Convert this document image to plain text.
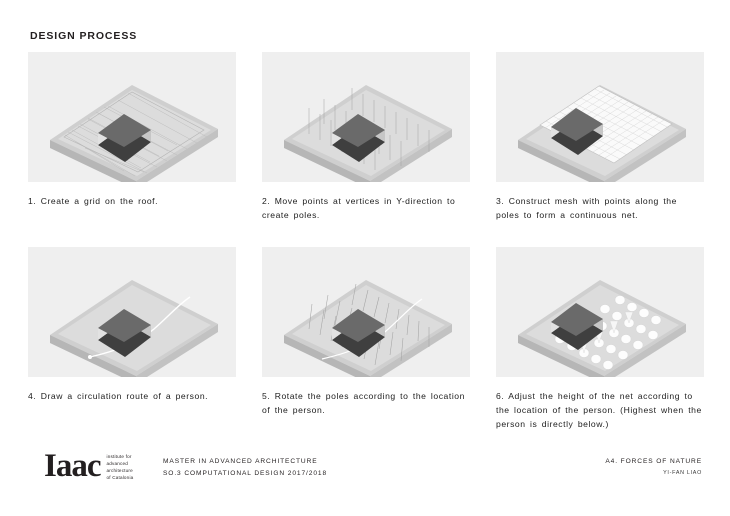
DESIGN PROCESS
1. Create a grid on the roof.	2. Move points at vertices in Y-direction to create poles.
3. Construct mesh with points along the poles to form a continuous net.
4. Draw a circulation route of a person.	5. Rotate the poles according to the location of the person.
6. Adjust the height of the net according to the location of the person. (Highest when the person is directly below.)
Iaac institute for
advanced
architecture
of Catalonia
MASTER IN ADVANCED ARCHITECTURE
SO.3 COMPUTATIONAL DESIGN 2017/2018
A4. FORCES OF NATURE
YI-FAN LIAO
